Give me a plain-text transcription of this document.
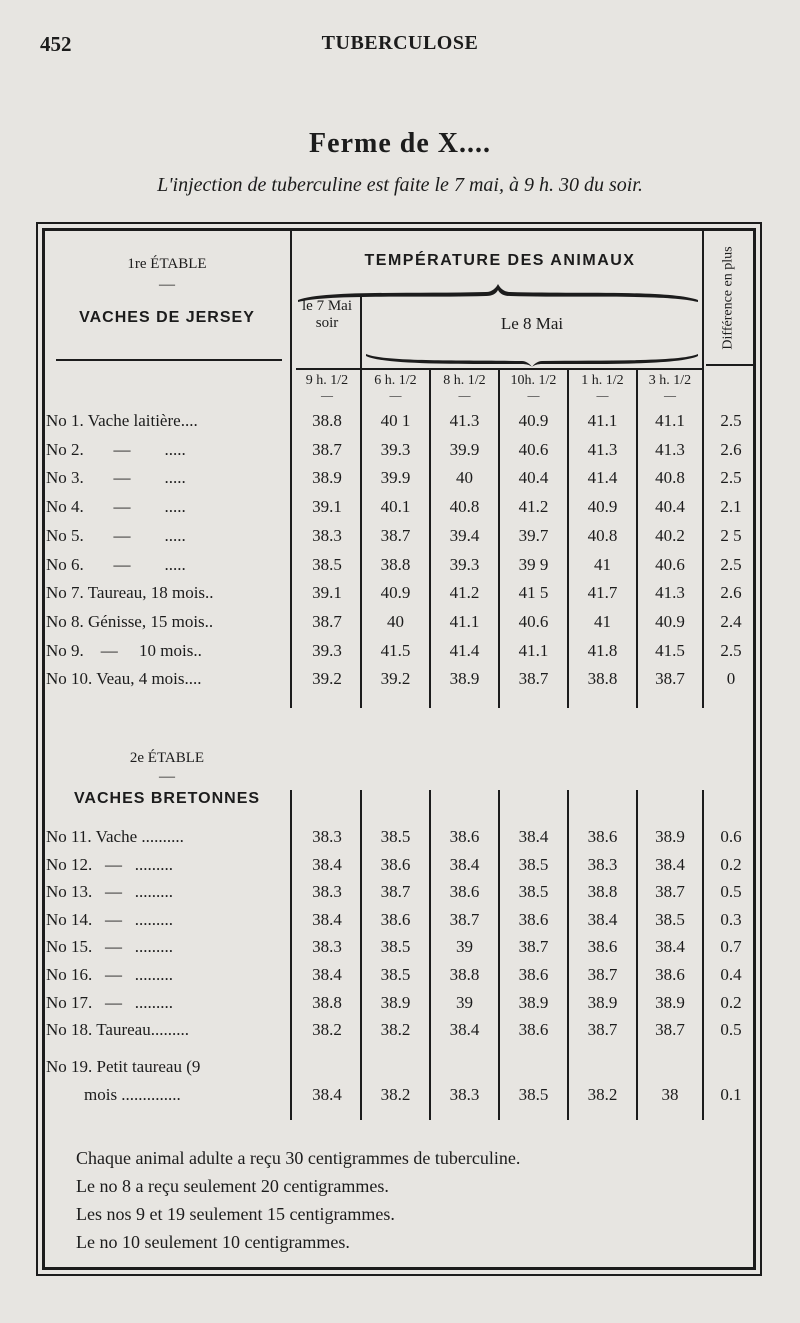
452	TUBERCULOSE
Ferme de X....
L'injection de tuberculine est faite le 7 mai, à 9 h. 30 du soir.
1re ÉTABLE
—
VACHES DE JERSEY
TEMPÉRATURE DES ANIMAUX	Différence en plus
le 7 Mai soir	Le 8 Mai
9 h. 1/2	6 h. 1/2	8 h. 1/2	10h. 1/2	1 h. 1/2	3 h. 1/2
—	—	—	—	—	—
2e ÉTABLE
—
VACHES BRETONNES
No 1. Vache laitière....	38.8	40 1	41.3	40.9	41.1	41.1	2.5
No 2.       —        .....	38.7	39.3	39.9	40.6	41.3	41.3	2.6
No 3.       —        .....	38.9	39.9	40	40.4	41.4	40.8	2.5
No 4.       —        .....	39.1	40.1	40.8	41.2	40.9	40.4	2.1
No 5.       —        .....	38.3	38.7	39.4	39.7	40.8	40.2	2 5
No 6.       —        .....	38.5	38.8	39.3	39 9	41	40.6	2.5
No 7. Taureau, 18 mois..	39.1	40.9	41.2	41 5	41.7	41.3	2.6
No 8. Génisse, 15 mois..	38.7	40	41.1	40.6	41	40.9	2.4
No 9.    —     10 mois..	39.3	41.5	41.4	41.1	41.8	41.5	2.5
No 10. Veau, 4 mois....	39.2	39.2	38.9	38.7	38.8	38.7	0
No 11. Vache ..........	38.3	38.5	38.6	38.4	38.6	38.9	0.6
No 12.   —   .........	38.4	38.6	38.4	38.5	38.3	38.4	0.2
No 13.   —   .........	38.3	38.7	38.6	38.5	38.8	38.7	0.5
No 14.   —   .........	38.4	38.6	38.7	38.6	38.4	38.5	0.3
No 15.   —   .........	38.3	38.5	39	38.7	38.6	38.4	0.7
No 16.   —   .........	38.4	38.5	38.8	38.6	38.7	38.6	0.4
No 17.   —   .........	38.8	38.9	39	38.9	38.9	38.9	0.2
No 18. Taureau.........	38.2	38.2	38.4	38.6	38.7	38.7	0.5
No 19. Petit taureau (9
mois ..............	38.4	38.2	38.3	38.5	38.2	38	0.1
Chaque animal adulte a reçu 30 centigrammes de tuberculine.
Le no 8 a reçu seulement 20 centigrammes.
Les nos 9 et 19 seulement 15 centigrammes.
Le no 10 seulement 10 centigrammes.
